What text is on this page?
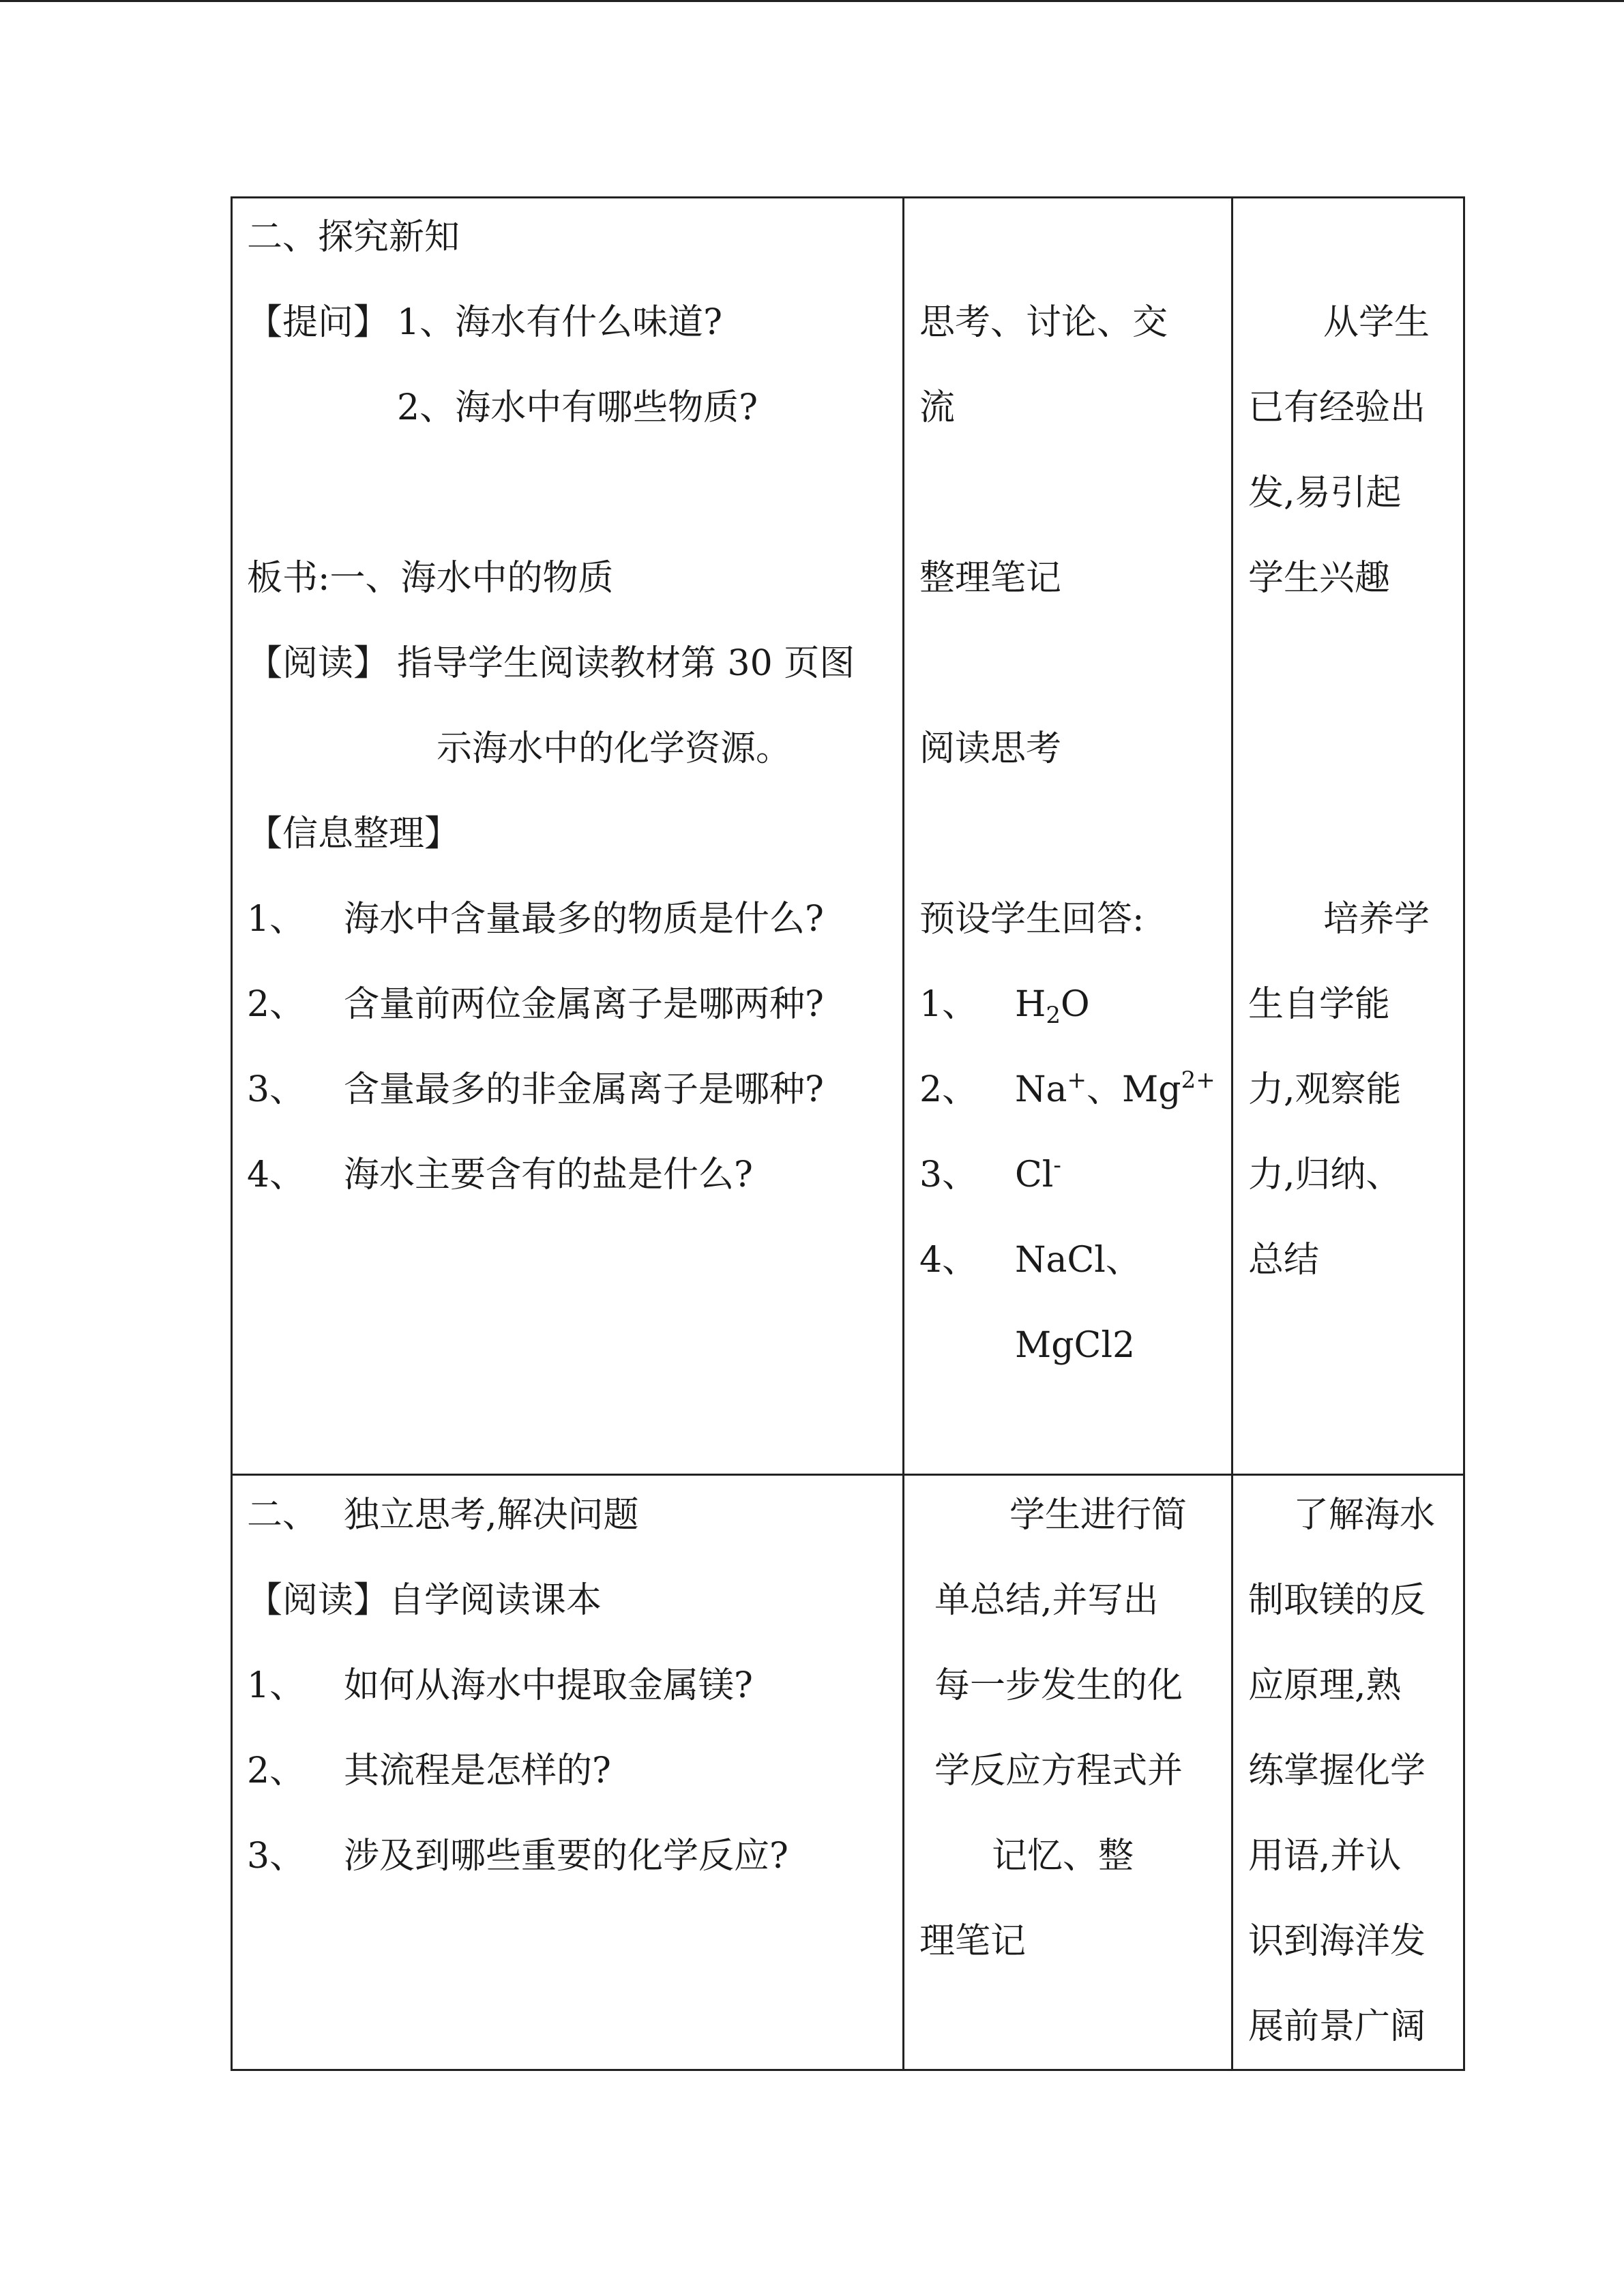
二、探究新知
【提问】 1、海水有什么味道?
2、海水中有哪些物质?
板书:一、海水中的物质
【阅读】 指导学生阅读教材第 30 页图
示海水中的化学资源。
【信息整理】
1、 海水中含量最多的物质是什么?
2、 含量前两位金属离子是哪两种?
3、 含量最多的非金属离子是哪种?
4、 海水主要含有的盐是什么?
思考、讨论、交
流
整理笔记
阅读思考
预设学生回答:
1、 $H_2O$
2、 Na+、$Mg^{2+}$
3、 Cl-
4、 NaCl、
MgCl2
从学生
已有经验出
发,易引起
学生兴趣
培养学
生自学能
力,观察能
力,归纳、
总结
二、 独立思考,解决问题
【阅读】自学阅读课本
1、 如何从海水中提取金属镁?
2、 其流程是怎样的?
3、 涉及到哪些重要的化学反应?
学生进行简
单总结,并写出
每一步发生的化
学反应方程式并
记忆、整
理笔记
了解海水
制取镁的反
应原理,熟
练掌握化学
用语,并认
识到海洋发
展前景广阔
